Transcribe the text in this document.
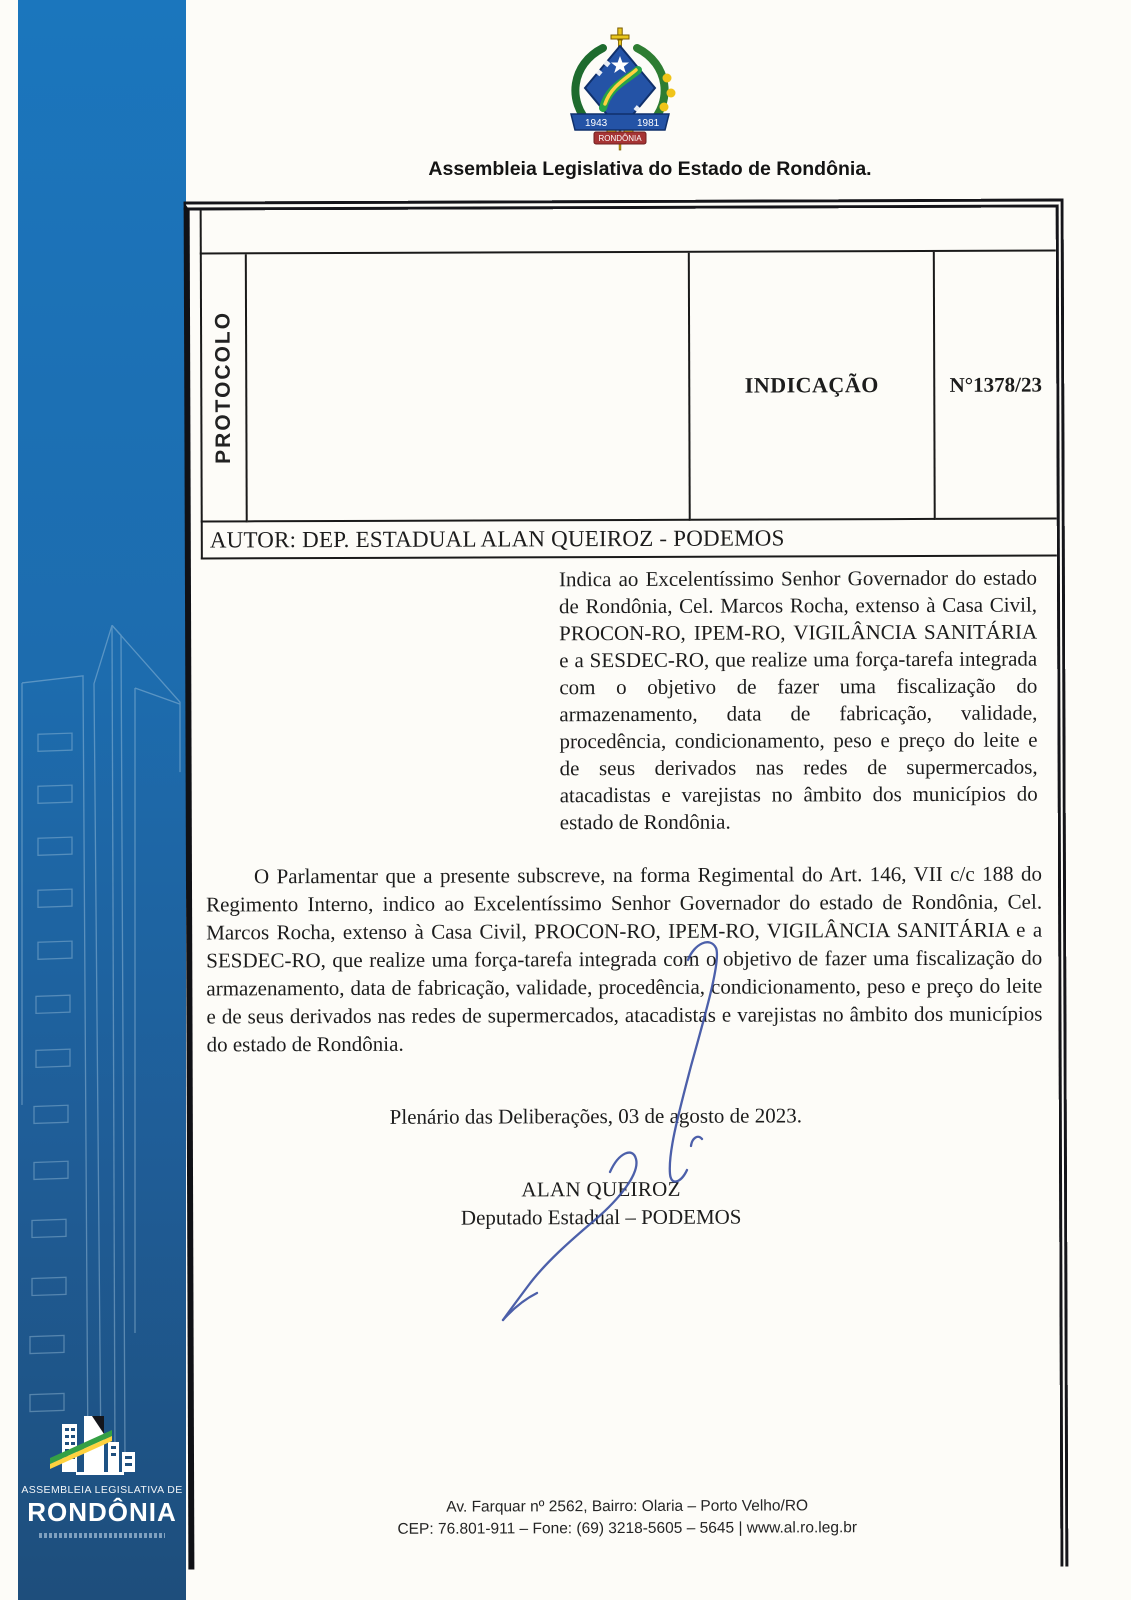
ASSEMBLEIA LEGISLATIVA DE
RONDÔNIA
1943	1981
RONDÔNIA
Assembleia Legislativa do Estado de Rondônia.
PROTOCOLO	INDICAÇÃO	N°1378/23
AUTOR: DEP. ESTADUAL ALAN QUEIROZ - PODEMOS
Indica ao Excelentíssimo Senhor Governador do estado de Rondônia, Cel. Marcos Rocha, extenso à Casa Civil, PROCON-RO, IPEM-RO, VIGILÂNCIA SANITÁRIA e a SESDEC-RO, que realize uma força-tarefa integrada com o objetivo de fazer uma fiscalização do armazenamento, data de fabricação, validade, procedência, condicionamento, peso e preço do leite e de seus derivados nas redes de supermercados, atacadistas e varejistas no âmbito dos municípios do estado de Rondônia.
O Parlamentar que a presente subscreve, na forma Regimental do Art. 146, VII c/c 188 do Regimento Interno, indico ao Excelentíssimo Senhor Governador do estado de Rondônia, Cel. Marcos Rocha, extenso à Casa Civil, PROCON-RO, IPEM-RO, VIGILÂNCIA SANITÁRIA e a SESDEC-RO, que realize uma força-tarefa integrada com o objetivo de fazer uma fiscalização do armazenamento, data de fabricação, validade, procedência, condicionamento, peso e preço do leite e de seus derivados nas redes de supermercados, atacadistas e varejistas no âmbito dos municípios do estado de Rondônia.
Plenário das Deliberações, 03 de agosto de 2023.
ALAN QUEIROZ
Deputado Estadual – PODEMOS
Av. Farquar nº 2562, Bairro: Olaria – Porto Velho/RO
CEP: 76.801-911 – Fone: (69) 3218-5605 – 5645 | www.al.ro.leg.br
